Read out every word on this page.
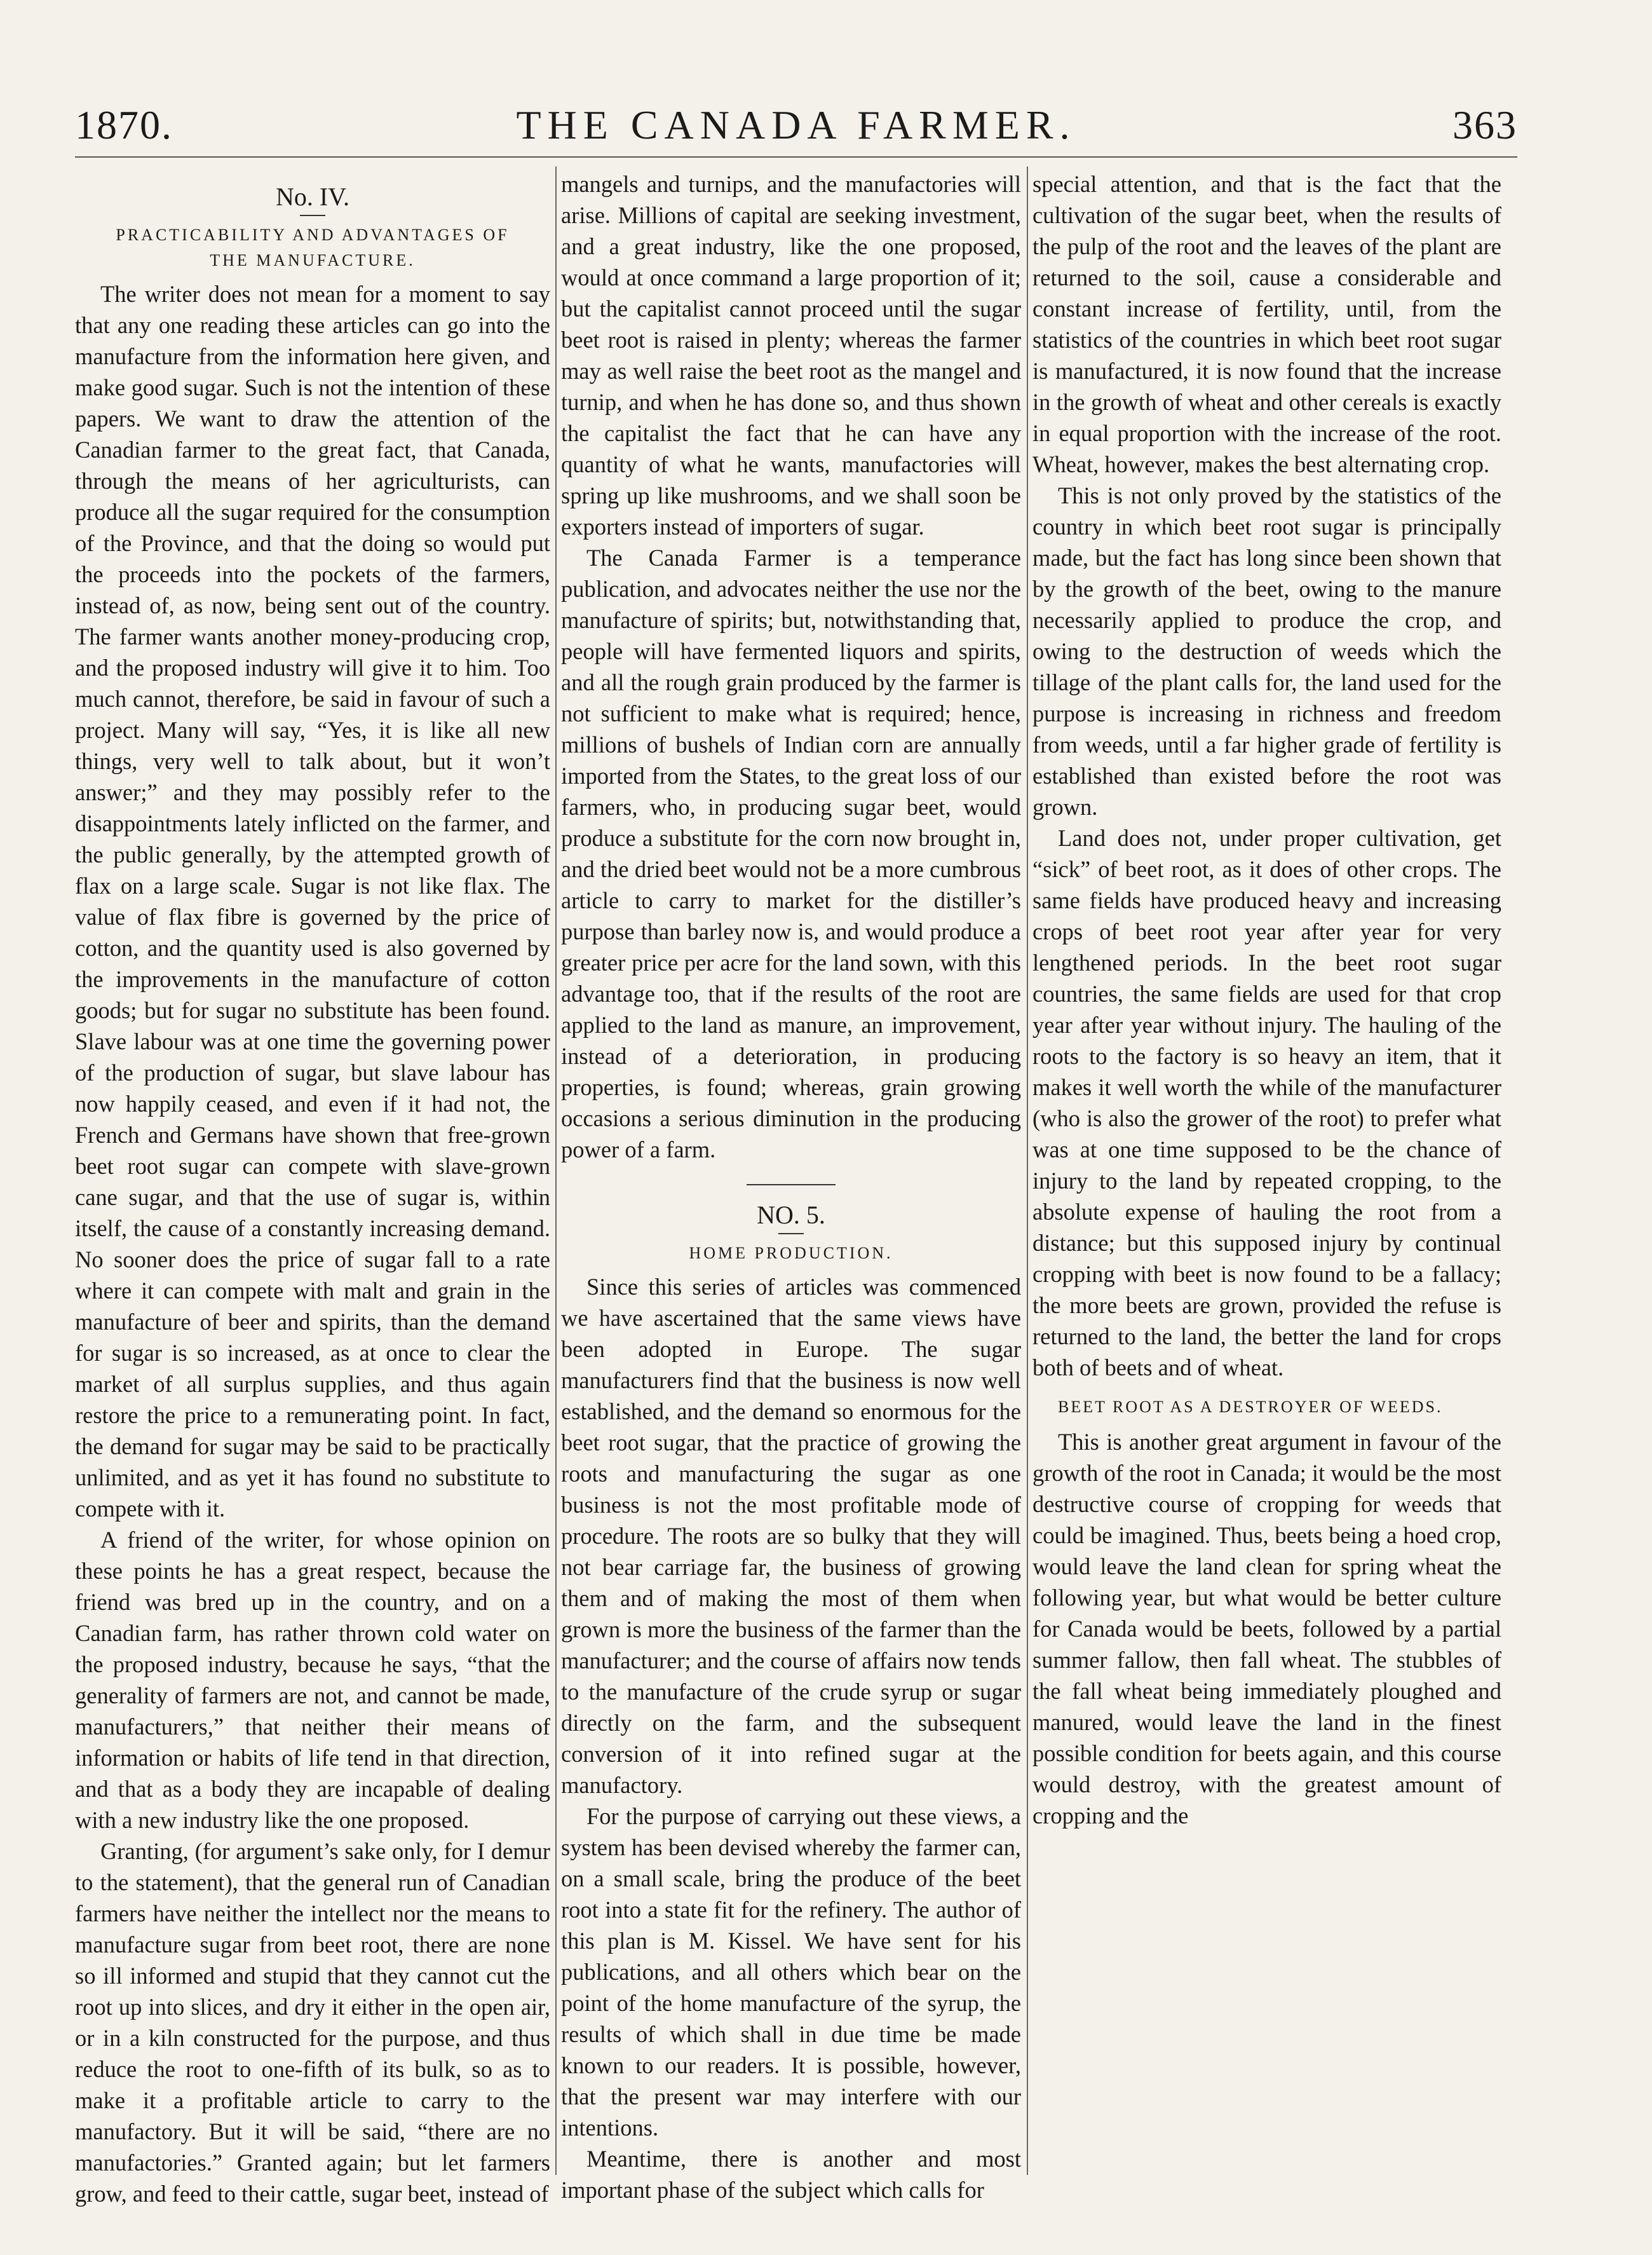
1870.	THE CANADA FARMER.	363
No. IV.
PRACTICABILITY AND ADVANTAGES OF THE MANUFACTURE.

The writer does not mean for a moment to say that any one reading these articles can go into the manufacture from the information here given, and make good sugar. Such is not the intention of these papers. We want to draw the attention of the Canadian farmer to the great fact, that Canada, through the means of her agriculturists, can produce all the sugar required for the consumption of the Province, and that the doing so would put the proceeds into the pockets of the farmers, instead of, as now, being sent out of the country. The farmer wants another money-producing crop, and the proposed industry will give it to him. Too much cannot, therefore, be said in favour of such a project. Many will say, “Yes, it is like all new things, very well to talk about, but it won’t answer;” and they may possibly refer to the disappointments lately inflicted on the farmer, and the public generally, by the attempted growth of flax on a large scale. Sugar is not like flax. The value of flax fibre is governed by the price of cotton, and the quantity used is also governed by the improvements in the manufacture of cotton goods; but for sugar no substitute has been found. Slave labour was at one time the governing power of the production of sugar, but slave labour has now happily ceased, and even if it had not, the French and Germans have shown that free-grown beet root sugar can compete with slave-grown cane sugar, and that the use of sugar is, within itself, the cause of a constantly increasing demand. No sooner does the price of sugar fall to a rate where it can compete with malt and grain in the manufacture of beer and spirits, than the demand for sugar is so increased, as at once to clear the market of all surplus supplies, and thus again restore the price to a remunerating point. In fact, the demand for sugar may be said to be practically unlimited, and as yet it has found no substitute to compete with it.

A friend of the writer, for whose opinion on these points he has a great respect, because the friend was bred up in the country, and on a Canadian farm, has rather thrown cold water on the proposed industry, because he says, “that the generality of farmers are not, and cannot be made, manufacturers,” that neither their means of information or habits of life tend in that direction, and that as a body they are incapable of dealing with a new industry like the one proposed.

Granting, (for argument’s sake only, for I demur to the statement), that the general run of Canadian farmers have neither the intellect nor the means to manufacture sugar from beet root, there are none so ill informed and stupid that they cannot cut the root up into slices, and dry it either in the open air, or in a kiln constructed for the purpose, and thus reduce the root to one-fifth of its bulk, so as to make it a profitable article to carry to the manufactory. But it will be said, “there are no manufactories.” Granted again; but let farmers grow, and feed to their cattle, sugar beet, instead of

mangels and turnips, and the manufactories will arise. Millions of capital are seeking investment, and a great industry, like the one proposed, would at once command a large proportion of it; but the capitalist cannot proceed until the sugar beet root is raised in plenty; whereas the farmer may as well raise the beet root as the mangel and turnip, and when he has done so, and thus shown the capitalist the fact that he can have any quantity of what he wants, manufactories will spring up like mushrooms, and we shall soon be exporters instead of importers of sugar.

The Canada Farmer is a temperance publication, and advocates neither the use nor the manufacture of spirits; but, notwithstanding that, people will have fermented liquors and spirits, and all the rough grain produced by the farmer is not sufficient to make what is required; hence, millions of bushels of Indian corn are annually imported from the States, to the great loss of our farmers, who, in producing sugar beet, would produce a substitute for the corn now brought in, and the dried beet would not be a more cumbrous article to carry to market for the distiller’s purpose than barley now is, and would produce a greater price per acre for the land sown, with this advantage too, that if the results of the root are applied to the land as manure, an improvement, instead of a deterioration, in producing properties, is found; whereas, grain growing occasions a serious diminution in the producing power of a farm.

NO. 5.
HOME PRODUCTION.

Since this series of articles was commenced we have ascertained that the same views have been adopted in Europe. The sugar manufacturers find that the business is now well established, and the demand so enormous for the beet root sugar, that the practice of growing the roots and manufacturing the sugar as one business is not the most profitable mode of procedure. The roots are so bulky that they will not bear carriage far, the business of growing them and of making the most of them when grown is more the business of the farmer than the manufacturer; and the course of affairs now tends to the manufacture of the crude syrup or sugar directly on the farm, and the subsequent conversion of it into refined sugar at the manufactory.

For the purpose of carrying out these views, a system has been devised whereby the farmer can, on a small scale, bring the produce of the beet root into a state fit for the refinery. The author of this plan is M. Kissel. We have sent for his publications, and all others which bear on the point of the home manufacture of the syrup, the results of which shall in due time be made known to our readers. It is possible, however, that the present war may interfere with our intentions.

Meantime, there is another and most important phase of the subject which calls for

special attention, and that is the fact that the cultivation of the sugar beet, when the results of the pulp of the root and the leaves of the plant are returned to the soil, cause a considerable and constant increase of fertility, until, from the statistics of the countries in which beet root sugar is manufactured, it is now found that the increase in the growth of wheat and other cereals is exactly in equal proportion with the increase of the root. Wheat, however, makes the best alternating crop.

This is not only proved by the statistics of the country in which beet root sugar is principally made, but the fact has long since been shown that by the growth of the beet, owing to the manure necessarily applied to produce the crop, and owing to the destruction of weeds which the tillage of the plant calls for, the land used for the purpose is increasing in richness and freedom from weeds, until a far higher grade of fertility is established than existed before the root was grown.

Land does not, under proper cultivation, get “sick” of beet root, as it does of other crops. The same fields have produced heavy and increasing crops of beet root year after year for very lengthened periods. In the beet root sugar countries, the same fields are used for that crop year after year without injury. The hauling of the roots to the factory is so heavy an item, that it makes it well worth the while of the manufacturer (who is also the grower of the root) to prefer what was at one time supposed to be the chance of injury to the land by repeated cropping, to the absolute expense of hauling the root from a distance; but this supposed injury by continual cropping with beet is now found to be a fallacy; the more beets are grown, provided the refuse is returned to the land, the better the land for crops both of beets and of wheat.

BEET ROOT AS A DESTROYER OF WEEDS.

This is another great argument in favour of the growth of the root in Canada; it would be the most destructive course of cropping for weeds that could be imagined. Thus, beets being a hoed crop, would leave the land clean for spring wheat the following year, but what would be better culture for Canada would be beets, followed by a partial summer fallow, then fall wheat. The stubbles of the fall wheat being immediately ploughed and manured, would leave the land in the finest possible condition for beets again, and this course would destroy, with the greatest amount of cropping and the
